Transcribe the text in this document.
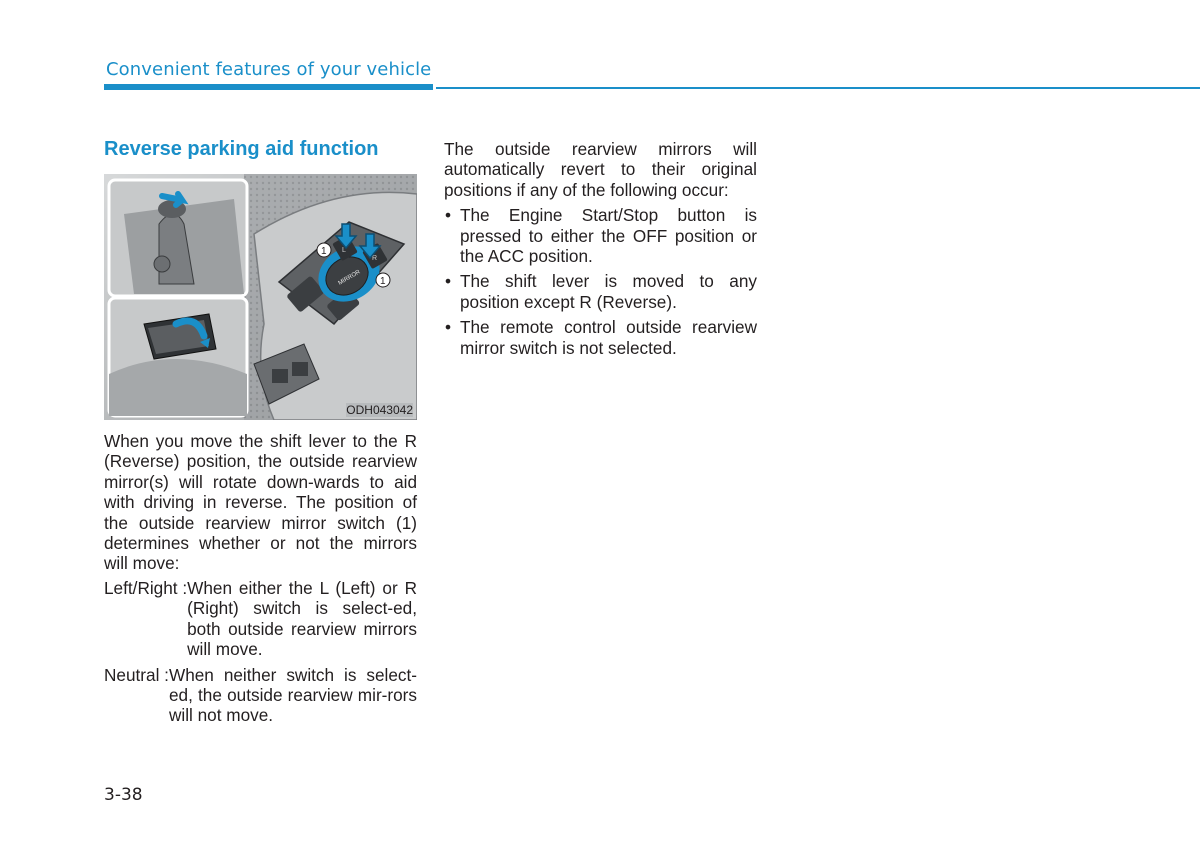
Convenient features of your vehicle
Reverse parking aid function
MIRROR
L
R
1
1
ODH043042
When you move the shift lever to the R (Reverse) position, the outside rearview mirror(s) will rotate down-wards to aid with driving in reverse. The position of the outside rearview mirror switch (1) determines whether or not the mirrors will move:
Left/Right : When either the L (Left) or R (Right) switch is select-ed, both outside rearview mirrors will move.
Neutral : When neither switch is select-ed, the outside rearview mir-rors will not move.
The outside rearview mirrors will automatically revert to their original positions if any of the following occur:
• The Engine Start/Stop button is pressed to either the OFF position or the ACC position.
• The shift lever is moved to any position except R (Reverse).
• The remote control outside rearview mirror switch is not selected.
3-38
